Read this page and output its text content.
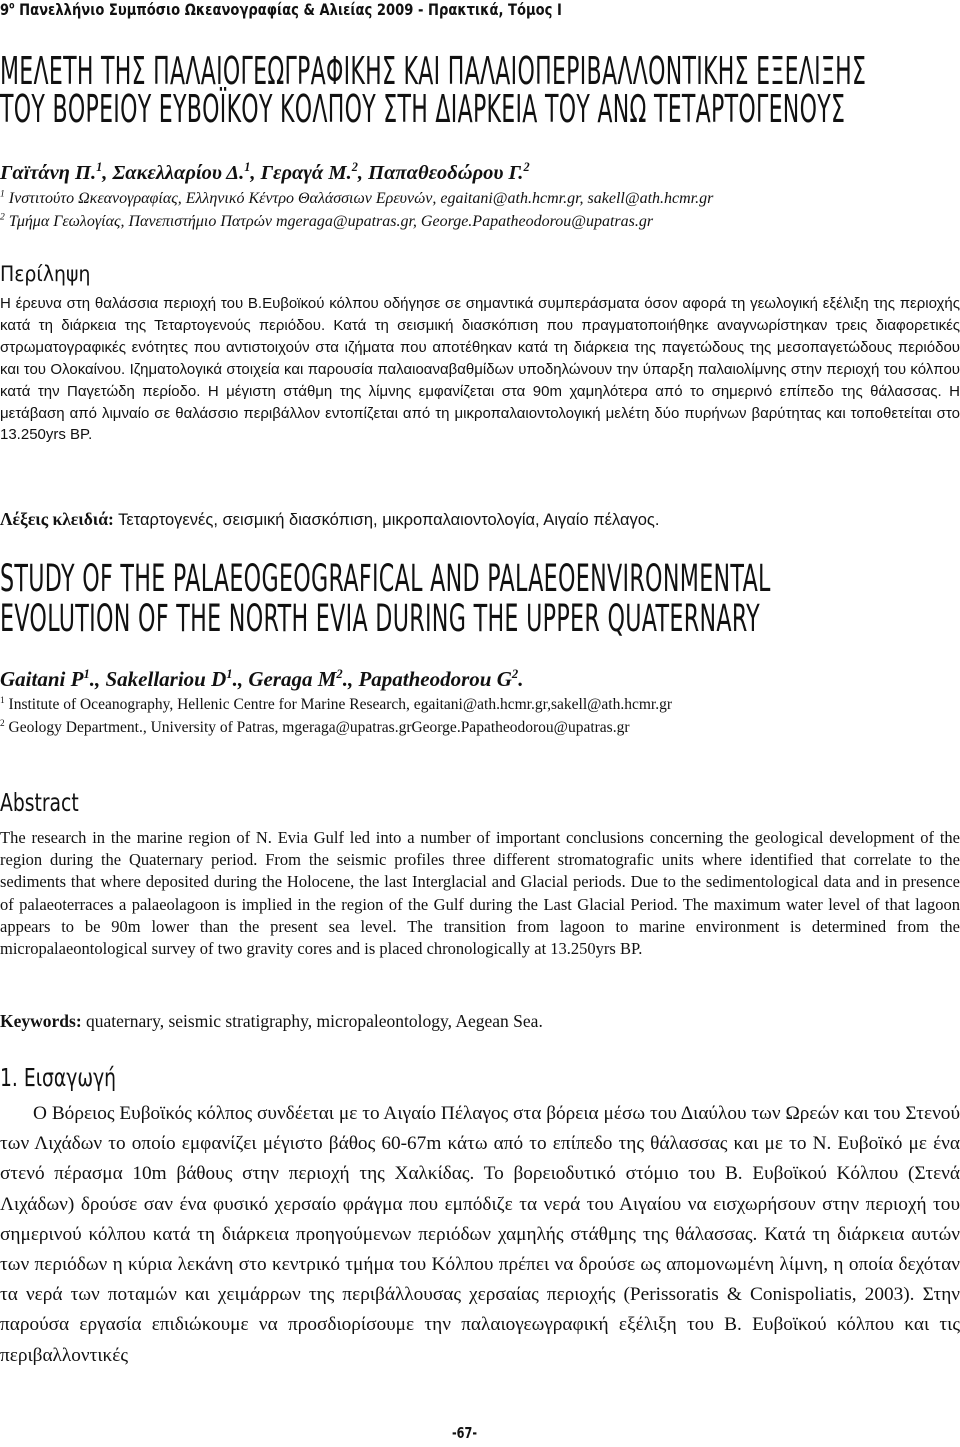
$9^o$ Πανελλήνιο Συμπόσιο Ωκεανογραφίας & Αλιείας 2009 - Πρακτικά, Τόμος I
ΜΕΛΕΤΗ ΤΗΣ ΠΑΛΑΙΟΓΕΩΓΡΑΦΙΚΗΣ ΚΑΙ ΠΑΛΑΙΟΠΕΡΙΒΑΛΛΟΝΤΙΚΗΣ ΕΞΕΛΙΞΗΣ
ΤΟΥ ΒΟΡΕΙΟΥ ΕΥΒΟΪΚΟΥ ΚΟΛΠΟΥ ΣΤΗ ΔΙΑΡΚΕΙΑ ΤΟΥ ΑΝΩ ΤΕΤΑΡΤΟΓΕΝΟΥΣ
Γαϊτάνη Π.$^1$, Σακελλαρίου Δ.$^1$, Γεραγά Μ.$^2$, Παπαθεοδώρου Γ.$^2$
$^1$ Ινστιτούτο Ωκεανογραφίας, Ελληνικό Κέντρο Θαλάσσιων Ερευνών, egaitani@ath.hcmr.gr, sakell@ath.hcmr.gr
$^2$ Τμήμα Γεωλογίας, Πανεπιστήμιο Πατρών mgeraga@upatras.gr, George.Papatheodorou@upatras.gr
Περίληψη
Η έρευνα στη θαλάσσια περιοχή του Β.Ευβοϊκού κόλπου οδήγησε σε σημαντικά συμπεράσματα όσον αφορά τη γεωλογική εξέλιξη της περιοχής κατά τη διάρκεια της Τεταρτογενούς περιόδου. Κατά τη σεισμική διασκόπιση που πραγματοποιήθηκε αναγνωρίστηκαν τρεις διαφορετικές στρωματογραφικές ενότητες που αντιστοιχούν στα ιζήματα που αποτέθηκαν κατά τη διάρκεια της παγετώδους της μεσοπαγετώδους περιόδου και του Ολοκαίνου. Ιζηματολογικά στοιχεία και παρουσία παλαιοαναβαθμίδων υποδηλώνουν την ύπαρξη παλαιολίμνης στην περιοχή του κόλπου κατά την Παγετώδη περίοδο. Η μέγιστη στάθμη της λίμνης εμφανίζεται στα 90m χαμηλότερα από το σημερινό επίπεδο της θάλασσας. Η μετάβαση από λιμναίο σε θαλάσσιο περιβάλλον εντοπίζεται από τη μικροπαλαιοντολογική μελέτη δύο πυρήνων βαρύτητας και τοποθετείται στο 13.250yrs BP.
Λέξεις κλειδιά: Τεταρτογενές, σεισμική διασκόπιση, μικροπαλαιοντολογία, Αιγαίο πέλαγος.
STUDY OF THE PALAEOGEOGRAFICAL AND PALAEOENVIRONMENTAL
EVOLUTION OF THE NORTH EVIA DURING THE UPPER QUATERNARY
Gaitani $P^1$., Sakellariou $D^1$., Geraga $M^2$., Papatheodorou $G^2$.
$^1$ Institute of Oceanography, Hellenic Centre for Marine Research, egaitani@ath.hcmr.gr,sakell@ath.hcmr.gr
$^2$ Geology Department., University of Patras, mgeraga@upatras.grGeorge.Papatheodorou@upatras.gr
Abstract
The research in the marine region of N. Evia Gulf led into a number of important conclusions concerning the geological development of the region during the Quaternary period. From the seismic profiles three different stromatografic units where identified that correlate to the sediments that where deposited during the Holocene, the last Interglacial and Glacial periods. Due to the sedimentological data and in presence of palaeoterraces a palaeolagoon is implied in the region of the Gulf during the Last Glacial Period. The maximum water level of that lagoon appears to be 90m lower than the present sea level. The transition from lagoon to marine environment is determined from the micropalaeontological survey of two gravity cores and is placed chronologically at 13.250yrs BP.
Keywords: quaternary, seismic stratigraphy, micropaleontology, Aegean Sea.
1. Εισαγωγή

Ο Βόρειος Ευβοϊκός κόλπος συνδέεται με το Αιγαίο Πέλαγος στα βόρεια μέσω του Διαύλου των Ωρεών και του Στενού των Λιχάδων το οποίο εμφανίζει μέγιστο βάθος 60-67m κάτω από το επίπεδο της θάλασσας και με το Ν. Ευβοϊκό με ένα στενό πέρασμα 10m βάθους στην περιοχή της Χαλκίδας. Το βορειοδυτικό στόμιο του Β. Ευβοϊκού Κόλπου (Στενά Λιχάδων) δρούσε σαν ένα φυσικό χερσαίο φράγμα που εμπόδιζε τα νερά του Αιγαίου να εισχωρήσουν στην περιοχή του σημερινού κόλπου κατά τη διάρκεια προηγούμενων περιόδων χαμηλής στάθμης της θάλασσας. Κατά τη διάρκεια αυτών των περιόδων η κύρια λεκάνη στο κεντρικό τμήμα του Κόλπου πρέπει να δρούσε ως απομονωμένη λίμνη, η οποία δεχόταν τα νερά των ποταμών και χειμάρρων της περιβάλλουσας χερσαίας περιοχής (Perissoratis & Conispoliatis, 2003). Στην παρούσα εργασία επιδιώκουμε να προσδιορίσουμε την παλαιογεωγραφική εξέλιξη του Β. Ευβοϊκού κόλπου και τις περιβαλλοντικές

-67-
